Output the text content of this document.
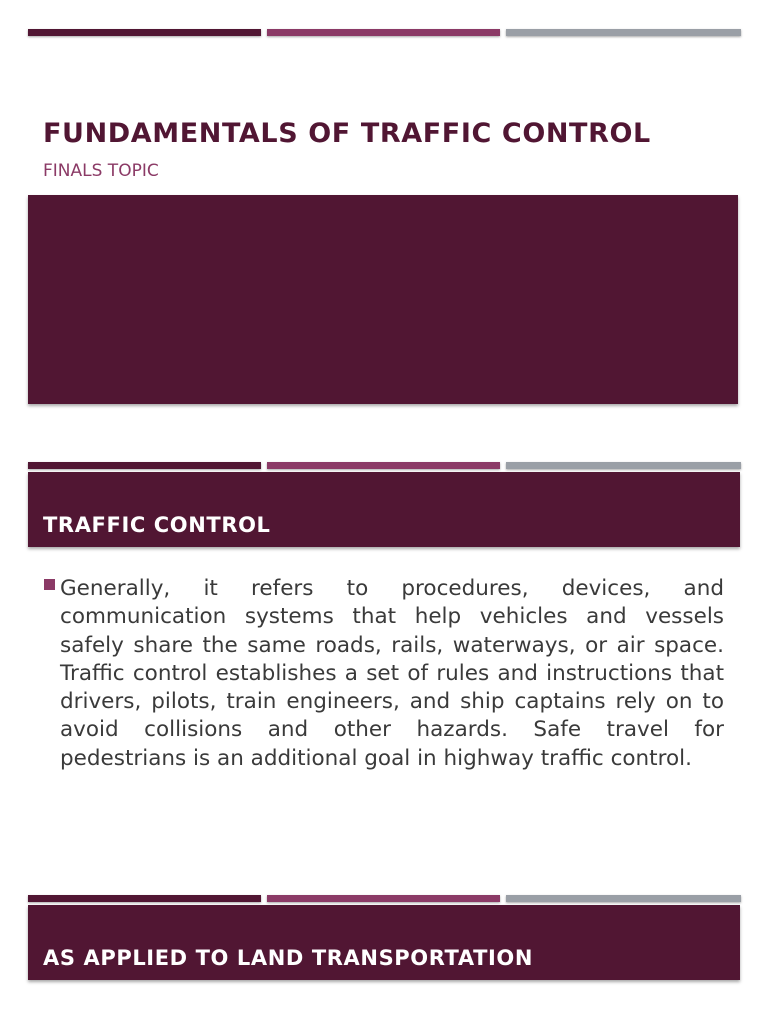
FUNDAMENTALS OF TRAFFIC CONTROL

FINALS TOPIC

TRAFFIC CONTROL

Generally, it refers to procedures, devices, and communication systems that help vehicles and vessels safely share the same roads, rails, waterways, or air space. Traffic control establishes a set of rules and instructions that drivers, pilots, train engineers, and ship captains rely on to avoid collisions and other hazards. Safe travel for pedestrians is an additional goal in highway traffic control.

AS APPLIED TO LAND TRANSPORTATION
